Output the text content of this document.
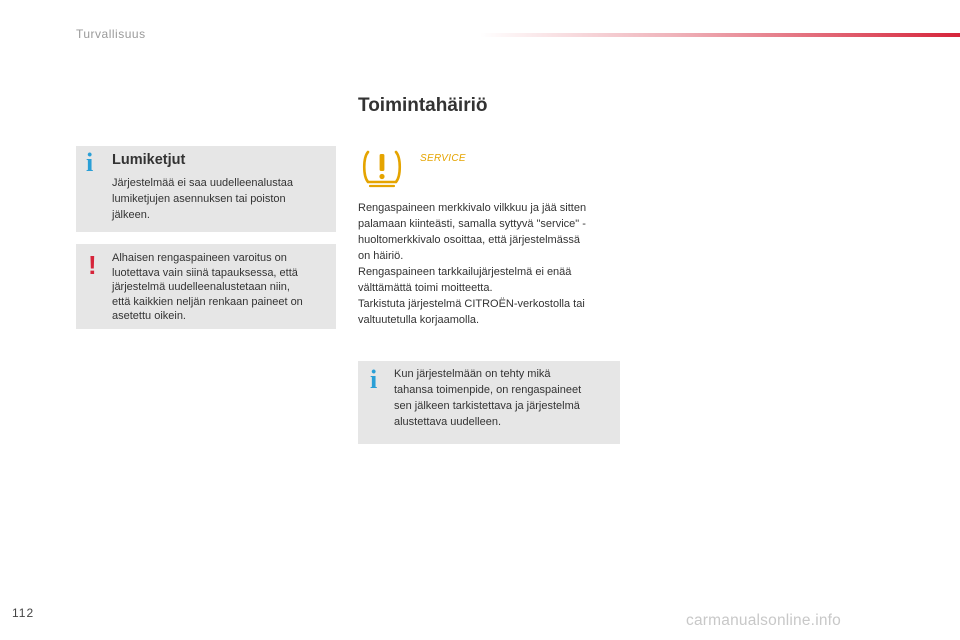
Turvallisuus
Toimintahäiriö
i Lumiketjut

Järjestelmää ei saa uudelleenalustaa
lumiketjujen asennuksen tai poiston
jälkeen.

! Alhaisen rengaspaineen varoitus on
luotettava vain siinä tapauksessa, että
järjestelmä uudelleenalustetaan niin,
että kaikkien neljän renkaan paineet on
asetettu oikein.

SERVICE

Rengaspaineen merkkivalo vilkkuu ja jää sitten

palamaan kiinteästi, samalla syttyvä "service" -

huoltomerkkivalo osoittaa, että järjestelmässä

on häiriö.

Rengaspaineen tarkkailujärjestelmä ei enää

välttämättä toimi moitteetta.

Tarkistuta järjestelmä CITROËN-verkostolla tai

valtuutetulla korjaamolla.

i Kun järjestelmään on tehty mikä
tahansa toimenpide, on rengaspaineet
sen jälkeen tarkistettava ja järjestelmä
alustettava uudelleen.

112	carmanualsonline.info
